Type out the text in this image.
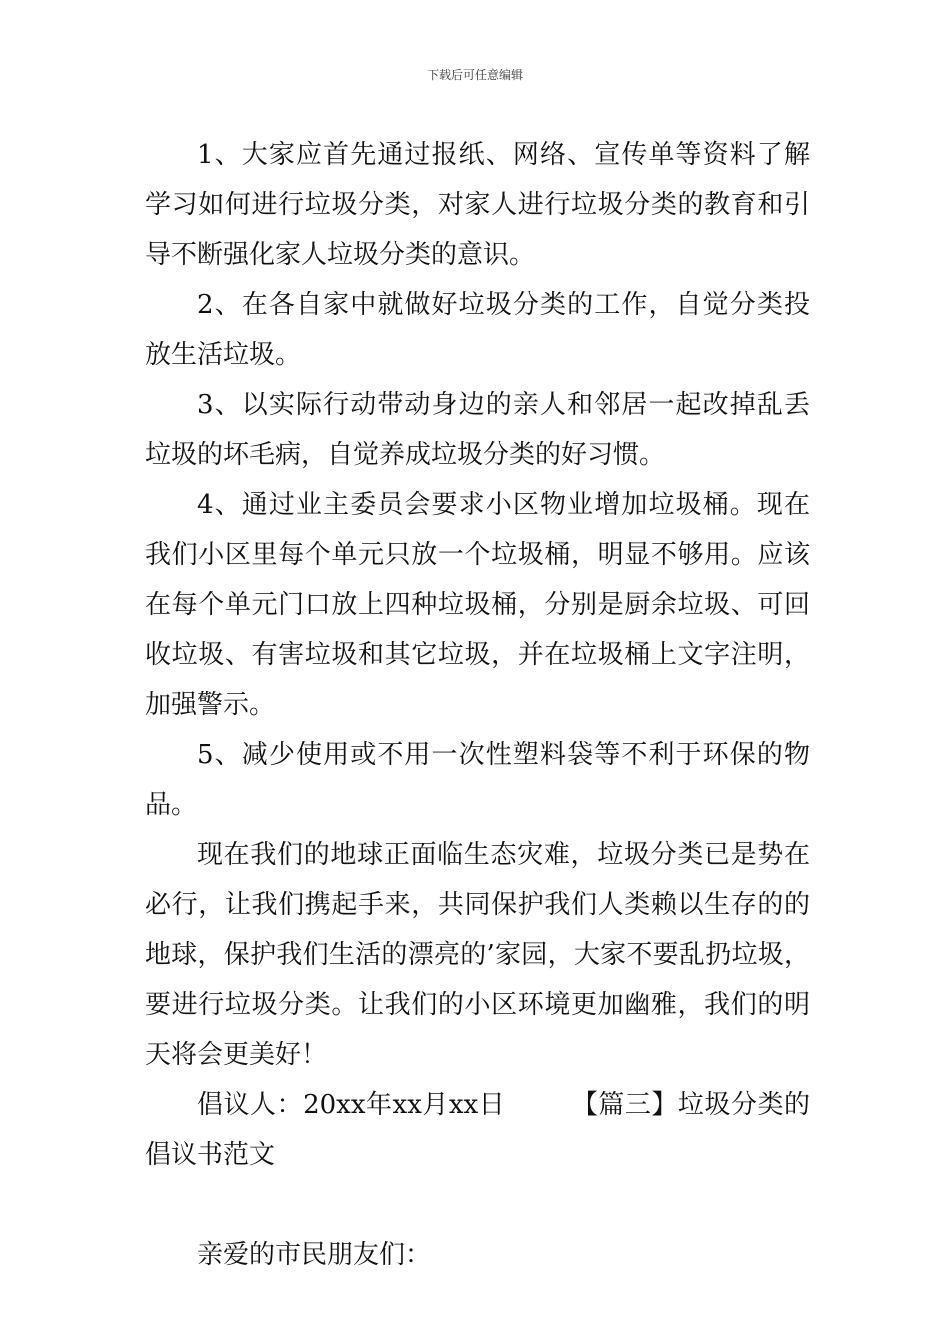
下载后可任意编辑

1、大家应首先通过报纸、网络、宣传单等资料了解学习如何进行垃圾分类，对家人进行垃圾分类的教育和引导不断强化家人垃圾分类的意识。

2、在各自家中就做好垃圾分类的工作，自觉分类投放生活垃圾。

3、以实际行动带动身边的亲人和邻居一起改掉乱丢垃圾的坏毛病，自觉养成垃圾分类的好习惯。

4、通过业主委员会要求小区物业增加垃圾桶。现在我们小区里每个单元只放一个垃圾桶，明显不够用。应该在每个单元门口放上四种垃圾桶，分别是厨余垃圾、可回收垃圾、有害垃圾和其它垃圾，并在垃圾桶上文字注明，加强警示。

5、减少使用或不用一次性塑料袋等不利于环保的物品。

现在我们的地球正面临生态灾难，垃圾分类已是势在必行，让我们携起手来，共同保护我们人类赖以生存的的地球，保护我们生活的漂亮的’家园，大家不要乱扔垃圾，要进行垃圾分类。让我们的小区环境更加幽雅，我们的明天将会更美好！

倡议人：20xx年xx月xx日　　　【篇三】垃圾分类的倡议书范文

亲爱的市民朋友们：
